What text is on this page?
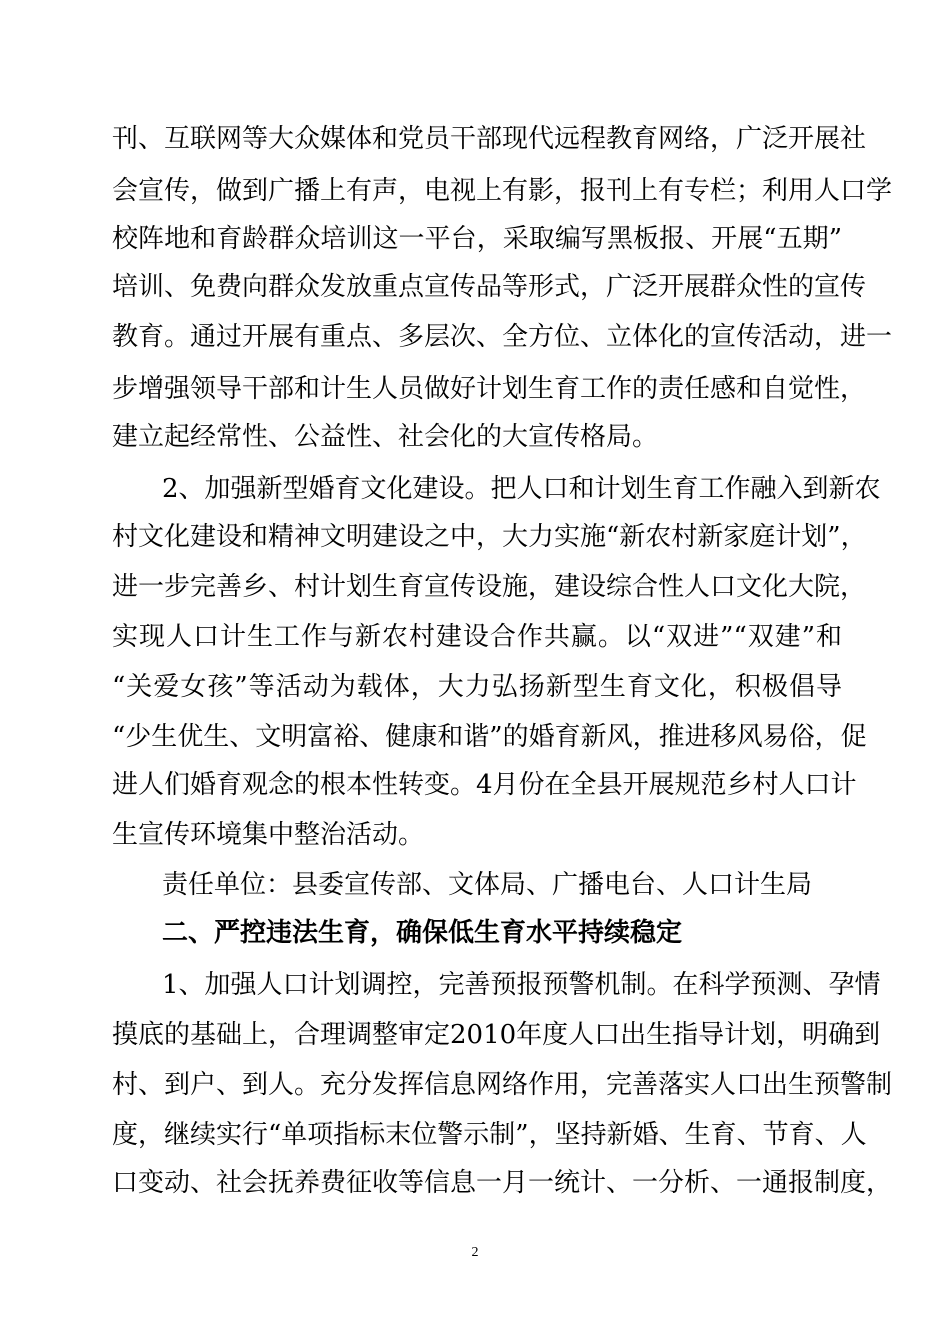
刊、互联网等大众媒体和党员干部现代远程教育网络，广泛开展社
会宣传，做到广播上有声，电视上有影，报刊上有专栏；利用人口学
校阵地和育龄群众培训这一平台，采取编写黑板报、开展“五期”
培训、免费向群众发放重点宣传品等形式，广泛开展群众性的宣传
教育。通过开展有重点、多层次、全方位、立体化的宣传活动，进一
步增强领导干部和计生人员做好计划生育工作的责任感和自觉性，
建立起经常性、公益性、社会化的大宣传格局。
2、加强新型婚育文化建设。把人口和计划生育工作融入到新农
村文化建设和精神文明建设之中，大力实施“新农村新家庭计划”，
进一步完善乡、村计划生育宣传设施，建设综合性人口文化大院，
实现人口计生工作与新农村建设合作共赢。以“双进”“双建”和
“关爱女孩”等活动为载体，大力弘扬新型生育文化，积极倡导
“少生优生、文明富裕、健康和谐”的婚育新风，推进移风易俗，促
进人们婚育观念的根本性转变。4月份在全县开展规范乡村人口计
生宣传环境集中整治活动。
责任单位：县委宣传部、文体局、广播电台、人口计生局
二、严控违法生育，确保低生育水平持续稳定
1、加强人口计划调控，完善预报预警机制。在科学预测、孕情
摸底的基础上，合理调整审定2010年度人口出生指导计划，明确到
村、到户、到人。充分发挥信息网络作用，完善落实人口出生预警制
度，继续实行“单项指标末位警示制”，坚持新婚、生育、节育、人
口变动、社会抚养费征收等信息一月一统计、一分析、一通报制度，
2
